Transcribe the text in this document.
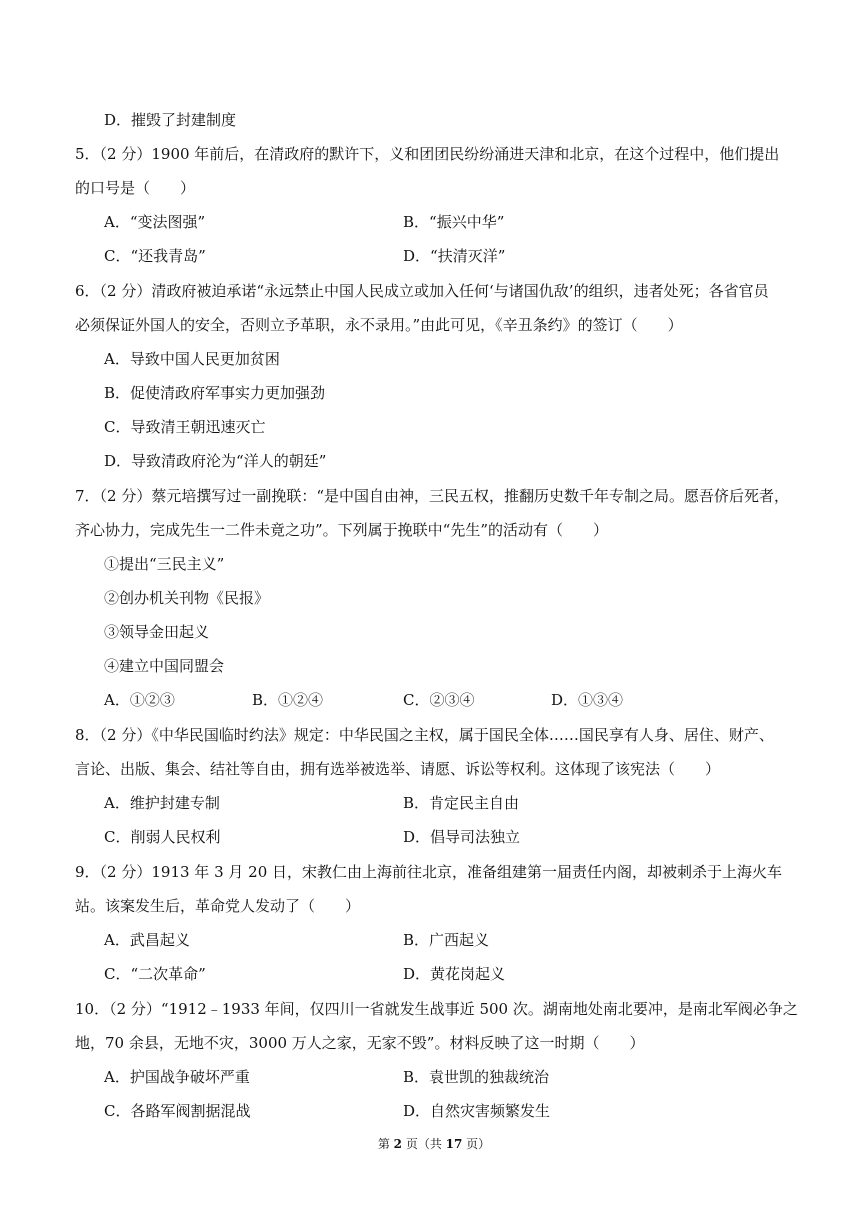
D．摧毁了封建制度
5．（2 分）1900 年前后，在清政府的默许下，义和团团民纷纷涌进天津和北京，在这个过程中，他们提出
的口号是（　　）
A．“变法图强”	B．“振兴中华”
C．“还我青岛”	D．“扶清灭洋”
6．（2 分）清政府被迫承诺“永远禁止中国人民成立或加入任何‘与诸国仇敌’的组织，违者处死；各省官员
必须保证外国人的安全，否则立予革职，永不录用。”由此可见，《辛丑条约》的签订（　　）
A．导致中国人民更加贫困
B．促使清政府军事实力更加强劲
C．导致清王朝迅速灭亡
D．导致清政府沦为“洋人的朝廷”
7．（2 分）蔡元培撰写过一副挽联：“是中国自由神，三民五权，推翻历史数千年专制之局。愿吾侪后死者，
齐心协力，完成先生一二件未竟之功”。下列属于挽联中“先生”的活动有（　　）
①提出“三民主义”
②创办机关刊物《民报》
③领导金田起义
④建立中国同盟会
A．①②③	B．①②④	C．②③④	D．①③④
8．（2 分）《中华民国临时约法》规定：中华民国之主权，属于国民全体……国民享有人身、居住、财产、
言论、出版、集会、结社等自由，拥有选举被选举、请愿、诉讼等权利。这体现了该宪法（　　）
A．维护封建专制	B．肯定民主自由
C．削弱人民权利	D．倡导司法独立
9．（2 分）1913 年 3 月 20 日，宋教仁由上海前往北京，准备组建第一届责任内阁，却被刺杀于上海火车
站。该案发生后，革命党人发动了（　　）
A．武昌起义	B．广西起义
C．“二次革命”	D．黄花岗起义
10．（2 分）“1912﹣1933 年间，仅四川一省就发生战事近 500 次。湖南地处南北要冲，是南北军阀必争之
地，70 余县，无地不灾，3000 万人之家，无家不毁”。材料反映了这一时期（　　）
A．护国战争破坏严重	B．袁世凯的独裁统治
C．各路军阀割据混战	D．自然灾害频繁发生
第 2 页（共 17 页）
